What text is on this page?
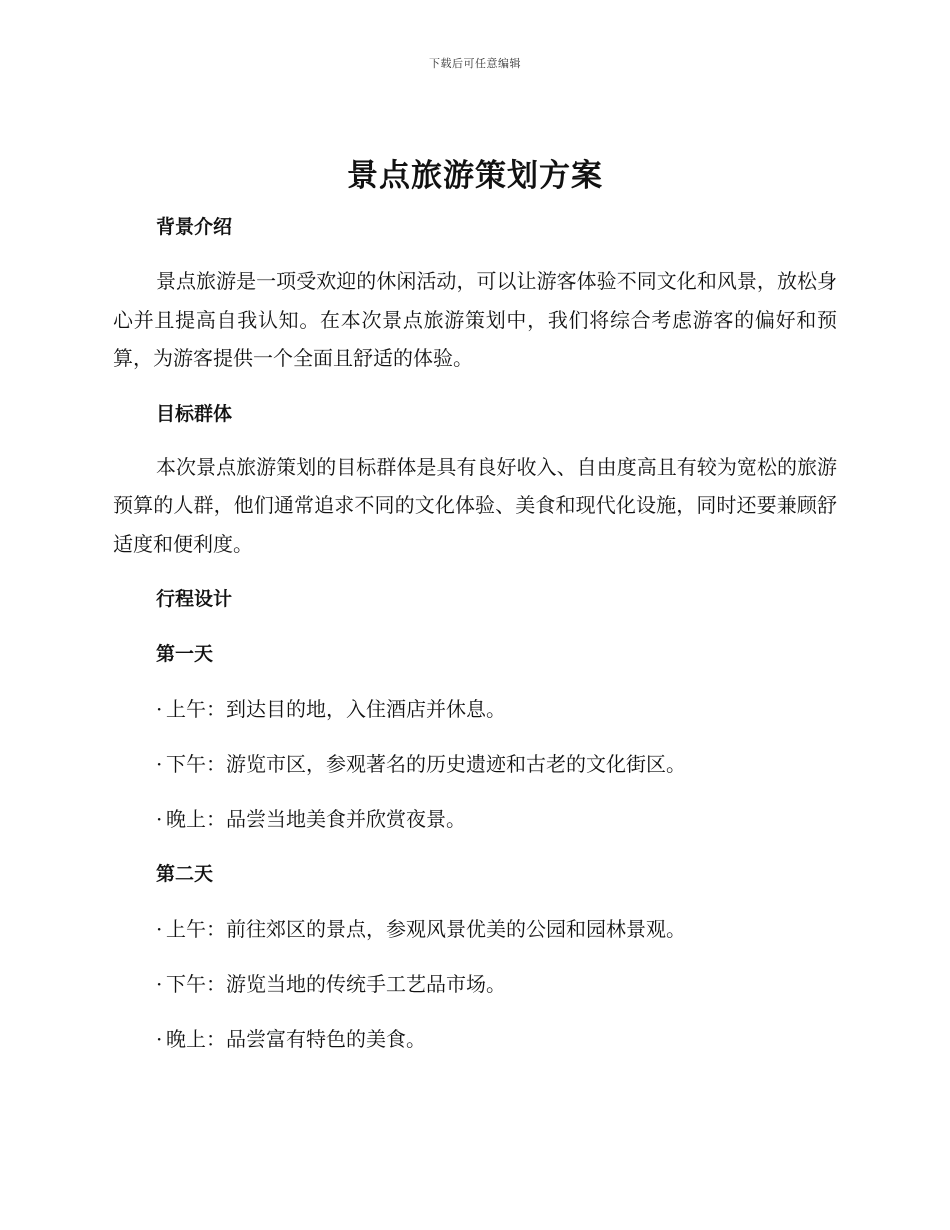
下载后可任意编辑
景点旅游策划方案
背景介绍

景点旅游是一项受欢迎的休闲活动，可以让游客体验不同文化和风景，放松身心并且提高自我认知。在本次景点旅游策划中，我们将综合考虑游客的偏好和预算，为游客提供一个全面且舒适的体验。

目标群体

本次景点旅游策划的目标群体是具有良好收入、自由度高且有较为宽松的旅游预算的人群，他们通常追求不同的文化体验、美食和现代化设施，同时还要兼顾舒适度和便利度。

行程设计
第一天

· 上午：到达目的地，入住酒店并休息。

· 下午：游览市区，参观著名的历史遗迹和古老的文化街区。

· 晚上：品尝当地美食并欣赏夜景。

第二天

· 上午：前往郊区的景点，参观风景优美的公园和园林景观。

· 下午：游览当地的传统手工艺品市场。

· 晚上：品尝富有特色的美食。
